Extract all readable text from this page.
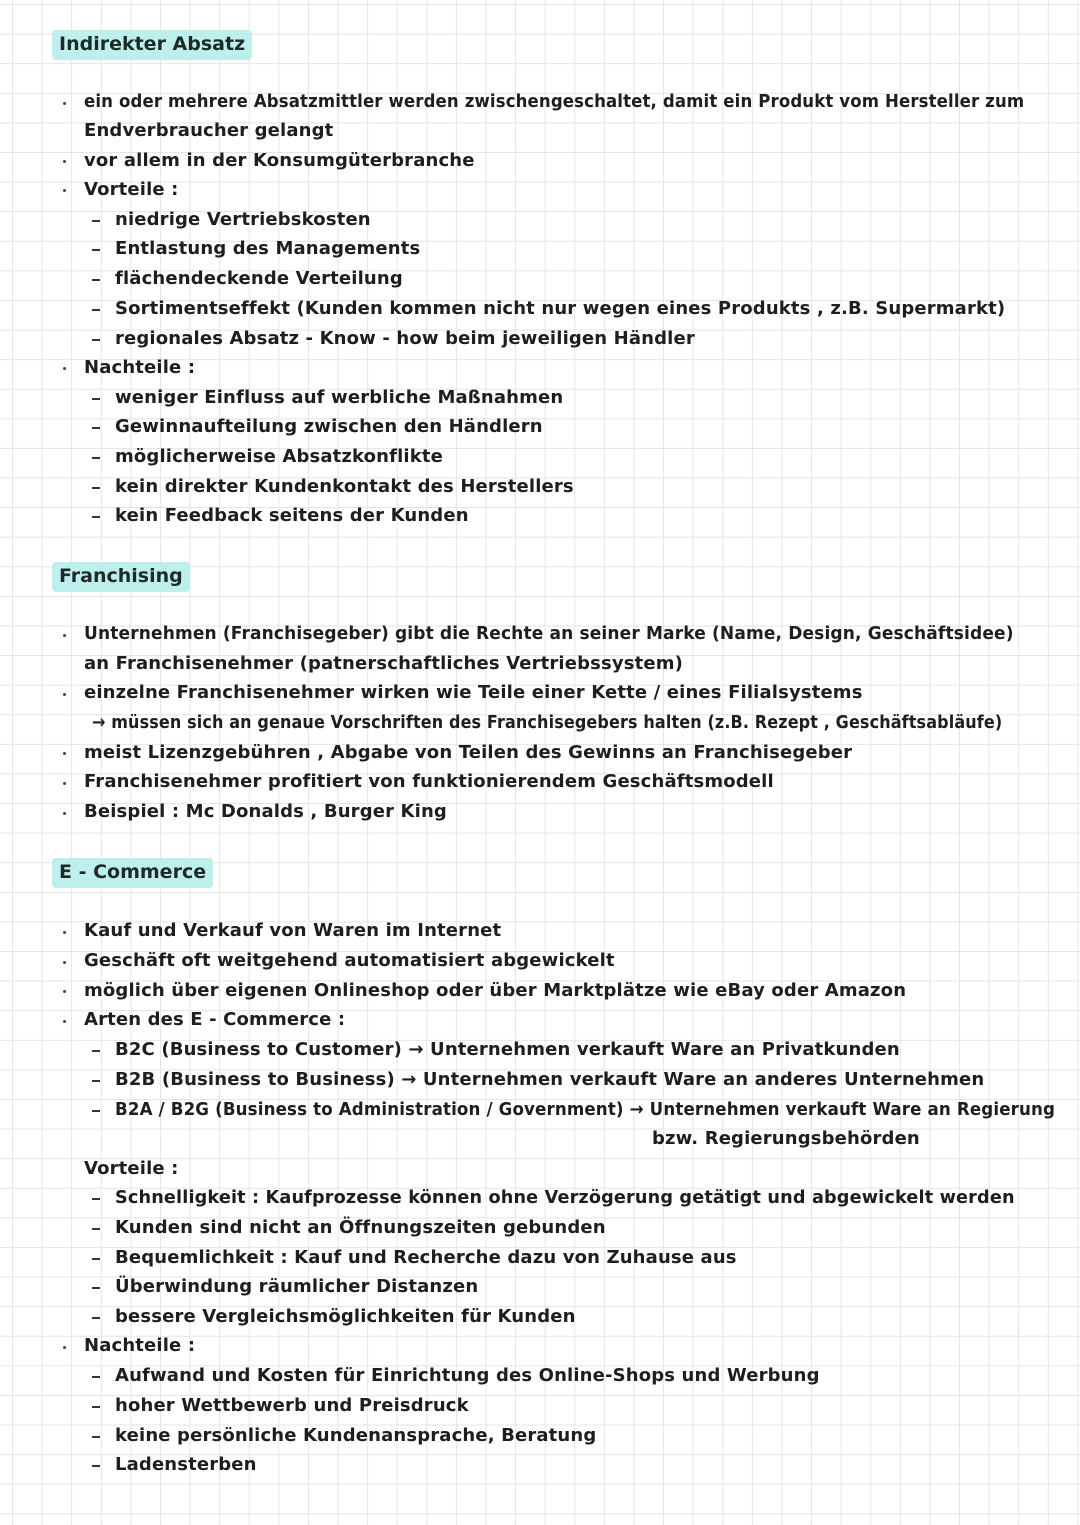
Indirekter Absatz
ein oder mehrere Absatzmittler werden zwischengeschaltet, damit ein Produkt vom Hersteller zum
Endverbraucher gelangt
vor allem in der Konsumgüterbranche
Vorteile :
niedrige Vertriebskosten
Entlastung des Managements
flächendeckende Verteilung
Sortimentseffekt (Kunden kommen nicht nur wegen eines Produkts , z.B. Supermarkt)
regionales Absatz - Know - how beim jeweiligen Händler
Nachteile :
weniger Einfluss auf werbliche Maßnahmen
Gewinnaufteilung zwischen den Händlern
möglicherweise Absatzkonflikte
kein direkter Kundenkontakt des Herstellers
kein Feedback seitens der Kunden
Franchising
Unternehmen (Franchisegeber) gibt die Rechte an seiner Marke (Name, Design, Geschäftsidee)
an Franchisenehmer (patnerschaftliches Vertriebssystem)
einzelne Franchisenehmer wirken wie Teile einer Kette / eines Filialsystems
→ müssen sich an genaue Vorschriften des Franchisegebers halten (z.B. Rezept , Geschäftsabläufe)
meist Lizenzgebühren , Abgabe von Teilen des Gewinns an Franchisegeber
Franchisenehmer profitiert von funktionierendem Geschäftsmodell
Beispiel : Mc Donalds , Burger King
E - Commerce
Kauf und Verkauf von Waren im Internet
Geschäft oft weitgehend automatisiert abgewickelt
möglich über eigenen Onlineshop oder über Marktplätze wie eBay oder Amazon
Arten des E - Commerce :
B2C (Business to Customer) → Unternehmen verkauft Ware an Privatkunden
B2B (Business to Business) → Unternehmen verkauft Ware an anderes Unternehmen
B2A / B2G (Business to Administration / Government) → Unternehmen verkauft Ware an Regierung
bzw. Regierungsbehörden
Vorteile :
Schnelligkeit : Kaufprozesse können ohne Verzögerung getätigt und abgewickelt werden
Kunden sind nicht an Öffnungszeiten gebunden
Bequemlichkeit : Kauf und Recherche dazu von Zuhause aus
Überwindung räumlicher Distanzen
bessere Vergleichsmöglichkeiten für Kunden
Nachteile :
Aufwand und Kosten für Einrichtung des Online-Shops und Werbung
hoher Wettbewerb und Preisdruck
keine persönliche Kundenansprache, Beratung
Ladensterben
